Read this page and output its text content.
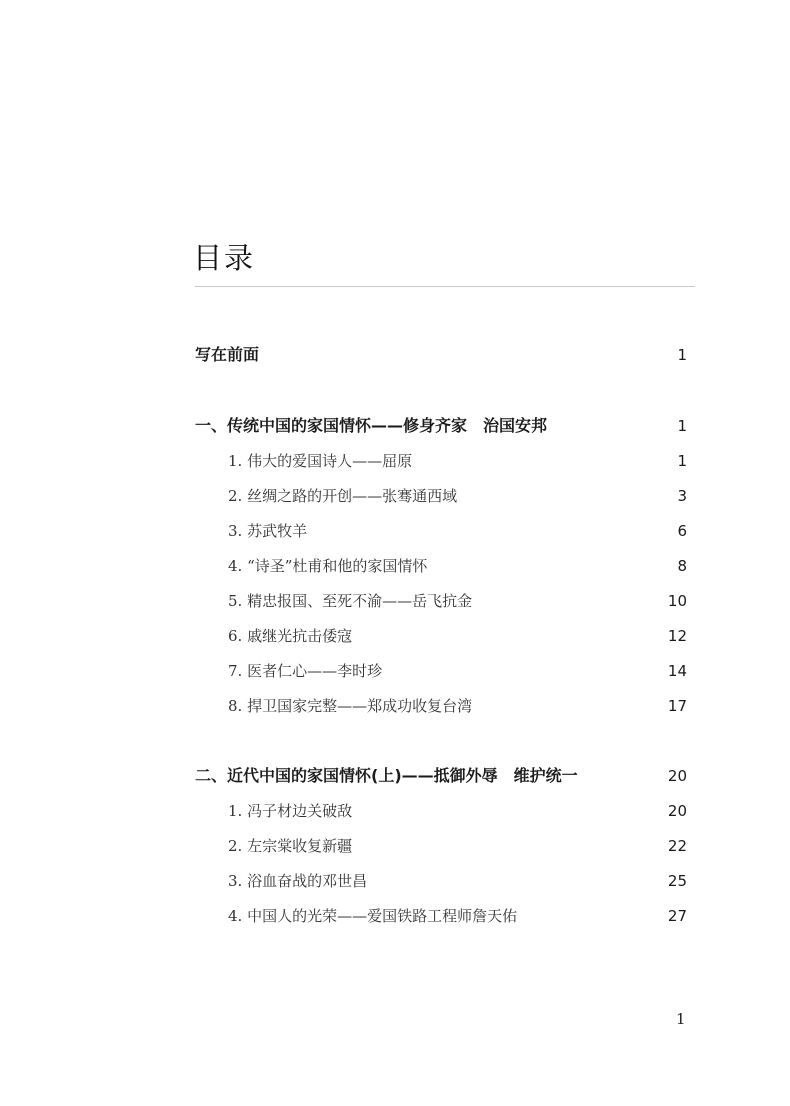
目录
写在前面	1
一、传统中国的家国情怀——修身齐家　治国安邦	1
1. 伟大的爱国诗人——屈原	1
2. 丝绸之路的开创——张骞通西域	3
3. 苏武牧羊	6
4. “诗圣”杜甫和他的家国情怀	8
5. 精忠报国、至死不渝——岳飞抗金	10
6. 戚继光抗击倭寇	12
7. 医者仁心——李时珍	14
8. 捍卫国家完整——郑成功收复台湾	17
二、近代中国的家国情怀(上)——抵御外辱　维护统一	20
1. 冯子材边关破敌	20
2. 左宗棠收复新疆	22
3. 浴血奋战的邓世昌	25
4. 中国人的光荣——爱国铁路工程师詹天佑	27
1
